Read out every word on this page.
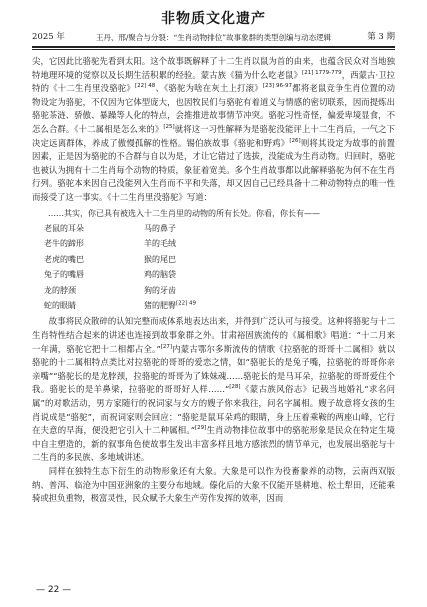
非物质文化遗产
2025 年	王丹、邢/聚合与分裂：“生肖动物排位”故事象群的类型创编与动态逻辑	第 3 期

尖，它因此比骆驼先看到太阳。这个故事既解释了十二生肖以鼠为首的由来，也蕴含民众对当地独特地理环境的觉察以及长期生活积累的经验。蒙古族《猫为什么吃老鼠》$^{[21] 1779-779}$，西蒙古·卫拉特的《十二生肖里没骆驼》$^{[22] 48}$、《骆驼为啥在灰土上打滚》$^{[23] 96-97}$都将老鼠竞争生肖位置的动物设定为骆驼，不仅因为它体型庞大，也因牧民们与骆驼有着道义与情感的密切联系，因而提炼出骆驼茶涟、骄傲、暴躁等人化的特点，会推推进故事情节冲突。骆驼习性奇怪，偏爱卑境显食，不怎么合群。《十二属相是怎么来的》[25]就将这一习性解释为是骆驼没能评上十二生肖后，一气之下决定远离群体，养成了傲慢孤解的性格。锡伯族故事《骆驼和野鸡》[26]则将其设定为故事的前置因素，正是因为骆驼的不合群与自以为是，才让它错过了选拔，没能成为生肖动物。归回时，骆驼也被认为拥有十二生肖每个动物的特质，象征着宽美。多个生肖故事都以此解释骆驼为何不在生肖行列。骆驼本来因自己没能列入生肖而不平和失落，却又因自己已经具备十二种动物特点的唯一性而接受了这一事实。《十二生肖里没骆驼》写道：

……其实，你已具有被选入十二生肖里的动物的所有长处。你看，你长有——
老鼠的耳朵	马的鼻子
老牛的蹄形	羊的毛绒
老虎的嘴巴	猴的尾巴
兔子的嘴唇	鸡的脑袋
龙的脖颈	狗的牙齿
蛇的眼睛	猪的肥臀$^{[22] 49}$

故事将民众散碎的认知完整而成体系地表达出来，并得到广泛认可与接受。这种将骆驼与十二生肖特性结合起来的讲述也连接到故事象群之外。甘肃裕固族流传的《属相歌》唱道：“十二月来一年满，骆驼它把十二相都占全。”[27]内蒙古鄂尔多斯流传的情歌《拉骆驼的哥哥十二属相》就以骆驼的十二属相特点类比对拉骆驼的哥哥的爱恋之情，如“骆驼长的是兔子嘴，拉骆驼的哥哥你亲亲嘴”“骆驼长的是龙脖颈，拉骆驼的哥哥为了姝妹魂……骆驼长的是马耳朵，拉骆驼的哥哥爱住个我。骆驼长的是羊鼻梁，拉骆驼的哥哥好人样……”[28]《蒙古族风俗志》记载当地婚礼“求名问属”的对歌活动，男方家随行的祝词家与女方的嫂子你来我往，问名字属相。嫂子故意将女孩的生肖说成是“骆驼”，而祝词家则会回应：“骆驼是鼠耳朵鸡的眼睛，身上压着乘鞍的两座山峰，它行在夫意的早海，便没把它引入十二种属相。”[29]生肖动物排位故事中的骆驼形象是民众在特定生境中自主塑造的，新的叙事角色使故事生发出丰富多样且地方感浓烈的情节单元，也发展出骆驼与十二生肖的多民族、多地域讲述。

同样在独特生态下衍生的动物形象还有大象。大象是可以作为役畜豢养的动物，云南西双版纳、普洱、临沧为中国亚洲象的主要分布地域。傣化后的大象不仅能开垦耕地、松土犁田，还能乘骑或担负重物，极富灵性，民众赋予大象生产劳作发挥的效率，因而

— 22 —
